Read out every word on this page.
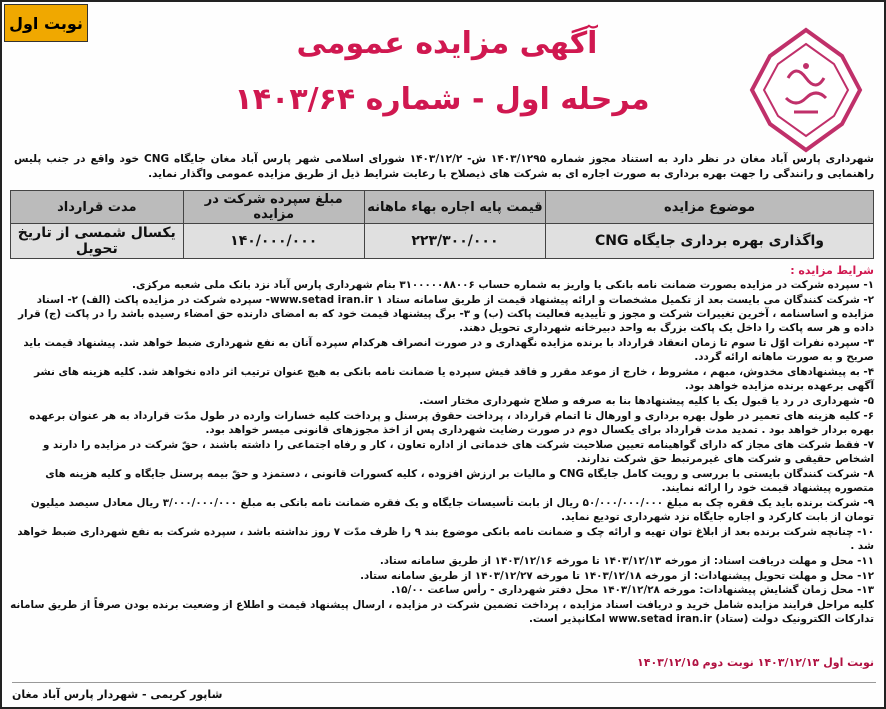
نوبت اول
آگهی مزایده عمومی
مرحله اول - شماره ۱۴۰۳/۶۴
شهرداری پارس آباد مغان در نظر دارد به استناد مجوز شماره ۱۴۰۳/۱۲۹۵ ش- ۱۴۰۳/۱۲/۲ شورای اسلامی شهر پارس آباد مغان جایگاه CNG خود واقع در جنب پلیس راهنمایی و رانندگی را جهت بهره برداری به صورت اجاره ای به شرکت های ذیصلاح با رعایت شرایط ذیل از طریق مزایده عمومی واگذار نماید.
موضوع مزایده	قیمت پایه اجاره بهاء ماهانه	مبلغ سپرده شرکت در مزایده	مدت قرارداد
واگذاری بهره برداری جایگاه CNG	۲۲۳/۳۰۰/۰۰۰	۱۴۰/۰۰۰/۰۰۰	یکسال شمسی از تاریخ تحویل
شرایط مزایده :
۱- سپرده شرکت در مزایده بصورت ضمانت نامه بانکی یا واریز به شماره حساب ۳۱۰۰۰۰۰۸۸۰۰۶ بنام شهرداری پارس آباد نزد بانک ملی شعبه مرکزی.
۲- شرکت کنندگان می بایست بعد از تکمیل مشخصات و ارائه پیشنهاد قیمت از طریق سامانه ستاد www.setad iran.ir ۱- سپرده شرکت در مزایده پاکت (الف) ۲- اسناد مزایده و اساسنامه ، آخرین تغییرات شرکت و مجوز و تأییدیه فعالیت پاکت (ب) و ۳- برگ پیشنهاد قیمت خود که به امضای دارنده حق امضاء رسیده باشد را در پاکت (ج) قرار داده و هر سه پاکت را داخل یک پاکت بزرگ به واحد دبیرخانه شهرداری تحویل دهند.
۳- سپرده نفرات اوّل تا سوم تا زمان انعقاد قرارداد با برنده مزایده نگهداری و در صورت انصراف هرکدام سپرده آنان به نفع شهرداری ضبط خواهد شد. پیشنهاد قیمت باید صریح و به صورت ماهانه ارائه گردد.
۴- به پیشنهادهای مخدوش، مبهم ، مشروط ، خارج از موعد مقرر و فاقد فیش سپرده یا ضمانت نامه بانکی به هیچ عنوان ترتیب اثر داده نخواهد شد. کلیه هزینه های نشر آگهی برعهده برنده مزایده خواهد بود.
۵- شهرداری در رد یا قبول یک یا کلیه پیشنهادها بنا به صرفه و صلاح شهرداری مختار است.
۶- کلیه هزینه های تعمیر در طول بهره برداری و اورهال تا اتمام قرارداد ، پرداخت حقوق پرسنل و پرداخت کلیه خسارات وارده در طول مدّت قرارداد به هر عنوان برعهده بهره بردار خواهد بود . تمدید مدت قرارداد برای یکسال دوم در صورت رضایت شهرداری پس از اخذ مجوزهای قانونی میسر خواهد بود.
۷- فقط شرکت های مجاز که دارای گواهینامه تعیین صلاحیت شرکت های خدماتی از اداره تعاون ، کار و رفاه اجتماعی را داشته باشند ، حقّ شرکت در مزایده را دارند و اشخاص حقیقی و شرکت های غیرمرتبط حق شرکت ندارند.
۸- شرکت کنندگان بایستی با بررسی و رویت کامل جایگاه CNG و مالیات بر ارزش افزوده ، کلیه کسورات قانونی ، دستمزد و حقّ بیمه پرسنل جایگاه و کلیه هزینه های متصوره پیشنهاد قیمت خود را ارائه نمایند.
۹- شرکت برنده باید یک فقره چک به مبلغ ۵۰/۰۰۰/۰۰۰/۰۰۰ ریال از بابت تأسیسات جایگاه و یک فقره ضمانت نامه بانکی به مبلغ ۳/۰۰۰/۰۰۰/۰۰۰ ریال معادل سیصد میلیون تومان از بابت کارکرد و اجاره جایگاه نزد شهرداری تودیع نماید.
۱۰- چنانچه شرکت برنده بعد از ابلاغ توان تهیه و ارائه چک و ضمانت نامه بانکی موضوع بند ۹ را ظرف مدّت ۷ روز نداشته باشد ، سپرده شرکت به نفع شهرداری ضبط خواهد شد .
۱۱- محل و مهلت دریافت اسناد: از مورخه ۱۴۰۳/۱۲/۱۳ تا مورخه ۱۴۰۳/۱۲/۱۶ از طریق سامانه ستاد.
۱۲- محل و مهلت تحویل پیشنهادات: از مورخه ۱۴۰۳/۱۲/۱۸ تا مورخه ۱۴۰۳/۱۲/۲۷ از طریق سامانه ستاد.
۱۳- محل زمان گشایش پیشنهادات: مورخه ۱۴۰۳/۱۲/۲۸ محل دفتر شهرداری - رأس ساعت ۱۵/۰۰.
کلیه مراحل فرایند مزایده شامل خرید و دریافت اسناد مزایده ، پرداخت تضمین شرکت در مزایده ، ارسال پیشنهاد قیمت و اطلاع از وضعیت برنده بودن صرفاً از طریق سامانه تدارکات الکترونیک دولت (ستاد) www.setad iran.ir امکانپذیر است.
نوبت اول ۱۴۰۳/۱۲/۱۳ نوبت دوم ۱۴۰۳/۱۲/۱۵
شاپور کریمی - شهردار پارس آباد مغان
